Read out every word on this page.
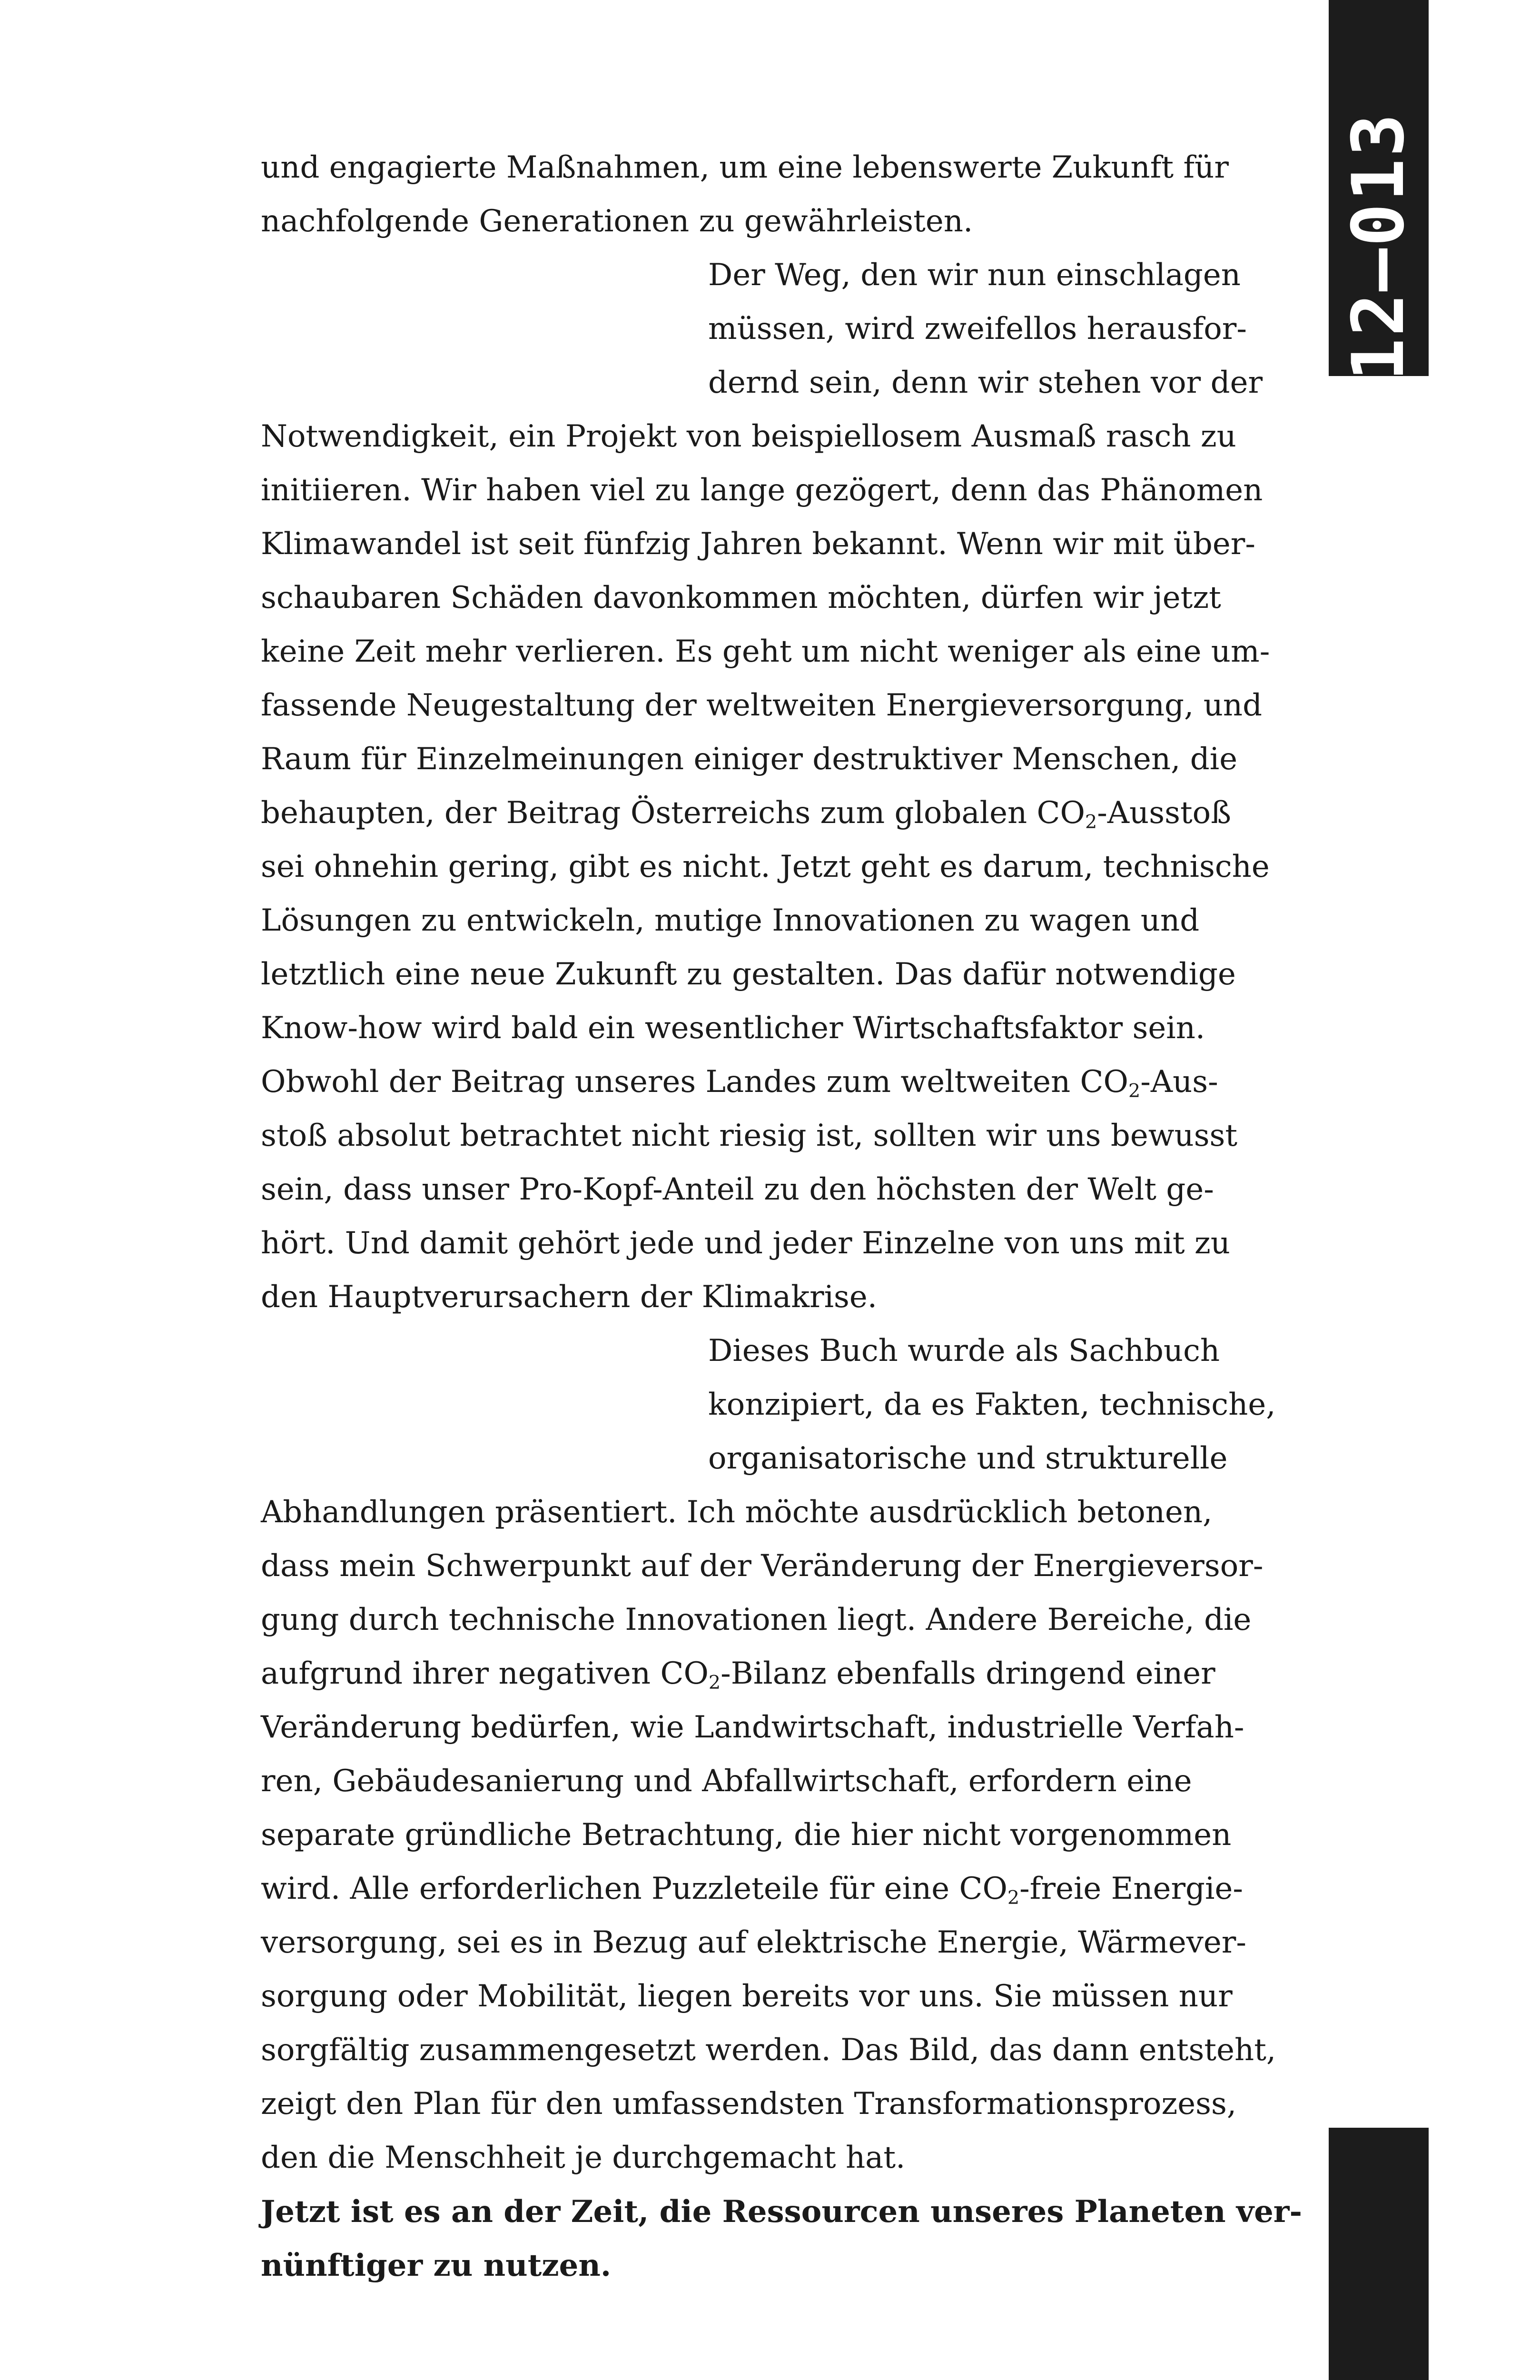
012–013
und engagierte Maßnahmen, um eine lebenswerte Zukunft für
nachfolgende Generationen zu gewährleisten.
Der Weg, den wir nun einschlagen
müssen, wird zweifellos herausfor-
dernd sein, denn wir stehen vor der
Notwendigkeit, ein Projekt von beispiellosem Ausmaß rasch zu
initiieren. Wir haben viel zu lange gezögert, denn das Phänomen
Klimawandel ist seit fünfzig Jahren bekannt. Wenn wir mit über-
schaubaren Schäden davonkommen möchten, dürfen wir jetzt
keine Zeit mehr verlieren. Es geht um nicht weniger als eine um-
fassende Neugestaltung der weltweiten Energieversorgung, und
Raum für Einzelmeinungen einiger destruktiver Menschen, die
behaupten, der Beitrag Österreichs zum globalen $CO_2$-Ausstoß
sei ohnehin gering, gibt es nicht. Jetzt geht es darum, technische
Lösungen zu entwickeln, mutige Innovationen zu wagen und
letztlich eine neue Zukunft zu gestalten. Das dafür notwendige
Know-how wird bald ein wesentlicher Wirtschaftsfaktor sein.
Obwohl der Beitrag unseres Landes zum weltweiten $CO_2-Aus-$
stoß absolut betrachtet nicht riesig ist, sollten wir uns bewusst
sein, dass unser Pro-Kopf-Anteil zu den höchsten der Welt ge-
hört. Und damit gehört jede und jeder Einzelne von uns mit zu
den Hauptverursachern der Klimakrise.
Dieses Buch wurde als Sachbuch
konzipiert, da es Fakten, technische,
organisatorische und strukturelle
Abhandlungen präsentiert. Ich möchte ausdrücklich betonen,
dass mein Schwerpunkt auf der Veränderung der Energieversor-
gung durch technische Innovationen liegt. Andere Bereiche, die
aufgrund ihrer negativen $CO_2$-Bilanz ebenfalls dringend einer
Veränderung bedürfen, wie Landwirtschaft, industrielle Verfah-
ren, Gebäudesanierung und Abfallwirtschaft, erfordern eine
separate gründliche Betrachtung, die hier nicht vorgenommen
wird. Alle erforderlichen Puzzleteile für eine $CO_2$-freie Energie-
versorgung, sei es in Bezug auf elektrische Energie, Wärmever-
sorgung oder Mobilität, liegen bereits vor uns. Sie müssen nur
sorgfältig zusammengesetzt werden. Das Bild, das dann entsteht,
zeigt den Plan für den umfassendsten Transformationsprozess,
den die Menschheit je durchgemacht hat.
Jetzt ist es an der Zeit, die Ressourcen unseres Planeten ver-
nünftiger zu nutzen.
